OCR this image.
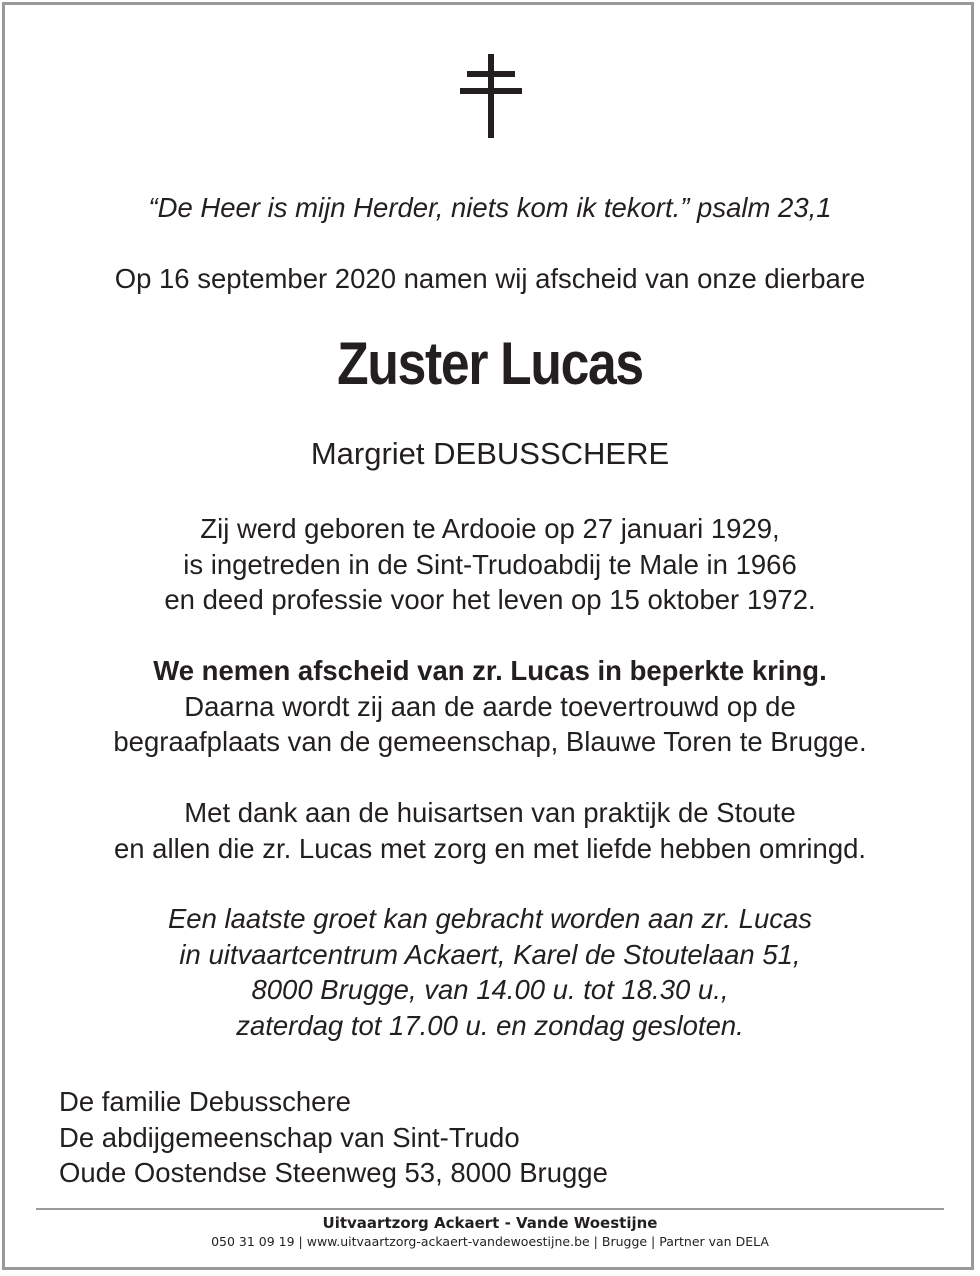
“De Heer is mijn Herder, niets kom ik tekort.” psalm 23,1
Op 16 september 2020 namen wij afscheid van onze dierbare
Zuster Lucas
Margriet DEBUSSCHERE
Zij werd geboren te Ardooie op 27 januari 1929,
is ingetreden in de Sint-Trudoabdij te Male in 1966
en deed professie voor het leven op 15 oktober 1972.
We nemen afscheid van zr. Lucas in beperkte kring.
Daarna wordt zij aan de aarde toevertrouwd op de
begraafplaats van de gemeenschap, Blauwe Toren te Brugge.
Met dank aan de huisartsen van praktijk de Stoute
en allen die zr. Lucas met zorg en met liefde hebben omringd.
Een laatste groet kan gebracht worden aan zr. Lucas
in uitvaartcentrum Ackaert, Karel de Stoutelaan 51,
8000 Brugge, van 14.00 u. tot 18.30 u.,
zaterdag tot 17.00 u. en zondag gesloten.
De familie Debusschere
De abdijgemeenschap van Sint-Trudo
Oude Oostendse Steenweg 53, 8000 Brugge
Uitvaartzorg Ackaert - Vande Woestijne
050 31 09 19 | www.uitvaartzorg-ackaert-vandewoestijne.be | Brugge | Partner van DELA
